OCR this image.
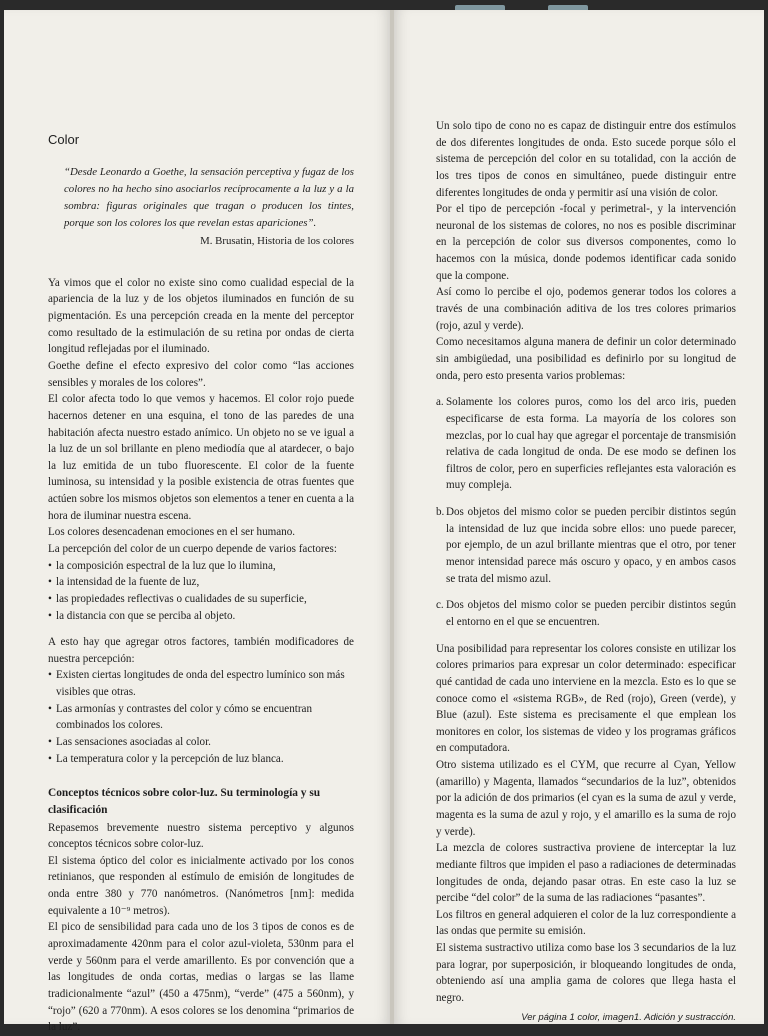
Color

“Desde Leonardo a Goethe, la sensación perceptiva y fugaz de los colores no ha hecho sino asociarlos recíprocamente a la luz y a la sombra: figuras originales que tragan o producen los tintes, porque son los colores los que revelan estas apariciones”.

M. Brusatin, Historia de los colores

Ya vimos que el color no existe sino como cualidad especial de la apariencia de la luz y de los objetos iluminados en función de su pigmentación. Es una percepción creada en la mente del perceptor como resultado de la estimulación de su retina por ondas de cierta longitud reflejadas por el iluminado.

Goethe define el efecto expresivo del color como “las acciones sensibles y morales de los colores”.

El color afecta todo lo que vemos y hacemos. El color rojo puede hacernos detener en una esquina, el tono de las paredes de una habitación afecta nuestro estado anímico. Un objeto no se ve igual a la luz de un sol brillante en pleno mediodía que al atardecer, o bajo la luz emitida de un tubo fluorescente. El color de la fuente luminosa, su intensidad y la posible existencia de otras fuentes que actúen sobre los mismos objetos son elementos a tener en cuenta a la hora de iluminar nuestra escena.

Los colores desencadenan emociones en el ser humano.

La percepción del color de un cuerpo depende de varios factores:

• la composición espectral de la luz que lo ilumina,
• la intensidad de la fuente de luz,
• las propiedades reflectivas o cualidades de su superficie,
• la distancia con que se perciba al objeto.

A esto hay que agregar otros factores, también modificadores de nuestra percepción:

• Existen ciertas longitudes de onda del espectro lumínico son más visibles que otras.
• Las armonías y contrastes del color y cómo se encuentran combinados los colores.
• Las sensaciones asociadas al color.
• La temperatura color y la percepción de luz blanca.

Conceptos técnicos sobre color-luz. Su terminología y su clasificación

Repasemos brevemente nuestro sistema perceptivo y algunos conceptos técnicos sobre color-luz.

El sistema óptico del color es inicialmente activado por los conos retinianos, que responden al estímulo de emisión de longitudes de onda entre 380 y 770 nanómetros. (Nanómetros [nm]: medida equivalente a 10⁻⁹ metros).

El pico de sensibilidad para cada uno de los 3 tipos de conos es de aproximadamente 420nm para el color azul-violeta, 530nm para el verde y 560nm para el verde amarillento. Es por convención que a las longitudes de onda cortas, medias o largas se las llame tradicionalmente “azul” (450 a 475nm), “verde” (475 a 560nm), y “rojo” (620 a 770nm). A esos colores se los denomina “primarios de la luz”.

Un solo tipo de cono no es capaz de distinguir entre dos estímulos de dos diferentes longitudes de onda. Esto sucede porque sólo el sistema de percepción del color en su totalidad, con la acción de los tres tipos de conos en simultáneo, puede distinguir entre diferentes longitudes de onda y permitir así una visión de color.

Por el tipo de percepción -focal y perimetral-, y la intervención neuronal de los sistemas de colores, no nos es posible discriminar en la percepción de color sus diversos componentes, como lo hacemos con la música, donde podemos identificar cada sonido que la compone.

Así como lo percibe el ojo, podemos generar todos los colores a través de una combinación aditiva de los tres colores primarios (rojo, azul y verde).

Como necesitamos alguna manera de definir un color determinado sin ambigüedad, una posibilidad es definirlo por su longitud de onda, pero esto presenta varios problemas:

a. Solamente los colores puros, como los del arco iris, pueden especificarse de esta forma. La mayoría de los colores son mezclas, por lo cual hay que agregar el porcentaje de transmisión relativa de cada longitud de onda. De ese modo se definen los filtros de color, pero en superficies reflejantes esta valoración es muy compleja.
b. Dos objetos del mismo color se pueden percibir distintos según la intensidad de luz que incida sobre ellos: uno puede parecer, por ejemplo, de un azul brillante mientras que el otro, por tener menor intensidad parece más oscuro y opaco, y en ambos casos se trata del mismo azul.
c. Dos objetos del mismo color se pueden percibir distintos según el entorno en el que se encuentren.

Una posibilidad para representar los colores consiste en utilizar los colores primarios para expresar un color determinado: especificar qué cantidad de cada uno interviene en la mezcla. Esto es lo que se conoce como el «sistema RGB», de Red (rojo), Green (verde), y Blue (azul). Este sistema es precisamente el que emplean los monitores en color, los sistemas de video y los programas gráficos en computadora.

Otro sistema utilizado es el CYM, que recurre al Cyan, Yellow (amarillo) y Magenta, llamados “secundarios de la luz”, obtenidos por la adición de dos primarios (el cyan es la suma de azul y verde, magenta es la suma de azul y rojo, y el amarillo es la suma de rojo y verde).

La mezcla de colores sustractiva proviene de interceptar la luz mediante filtros que impiden el paso a radiaciones de determinadas longitudes de onda, dejando pasar otras. En este caso la luz se percibe “del color” de la suma de las radiaciones “pasantes”.

Los filtros en general adquieren el color de la luz correspondiente a las ondas que permite su emisión.

El sistema sustractivo utiliza como base los 3 secundarios de la luz para lograr, por superposición, ir bloqueando longitudes de onda, obteniendo así una amplia gama de colores que llega hasta el negro.

Ver página 1 color, imagen1. Adición y sustracción.
